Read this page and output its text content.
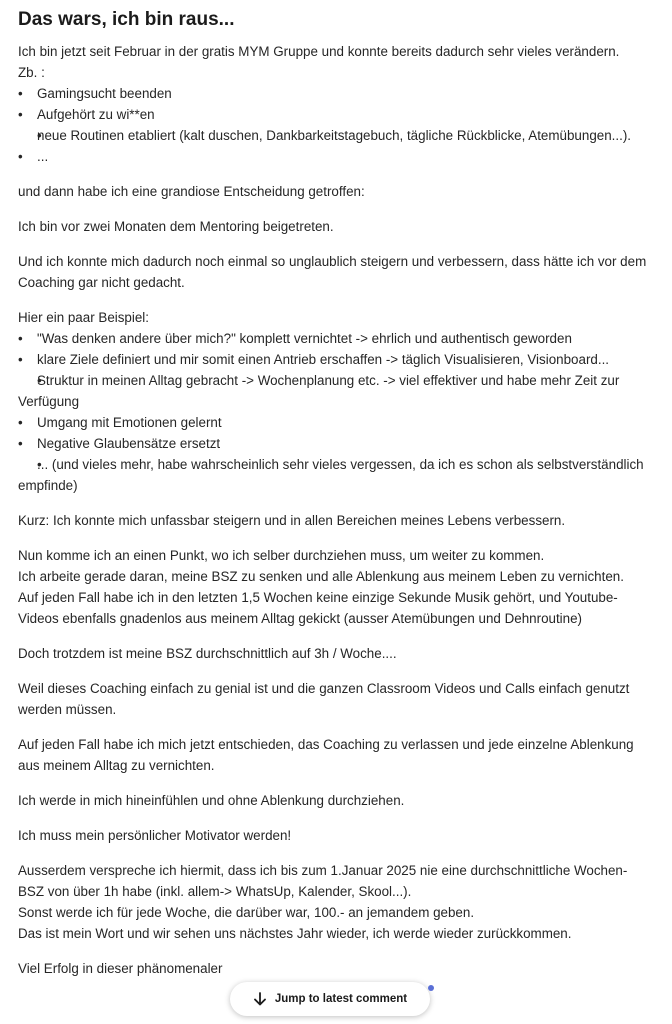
Das wars, ich bin raus...

Ich bin jetzt seit Februar in der gratis MYM Gruppe und konnte bereits dadurch sehr vieles verändern.
Zb. :

• Gamingsucht beenden
• Aufgehört zu wi**en
• neue Routinen etabliert (kalt duschen, Dankbarkeitstagebuch, tägliche Rückblicke, Atemübungen...).
• ...

und dann habe ich eine grandiose Entscheidung getroffen:

Ich bin vor zwei Monaten dem Mentoring beigetreten.

Und ich konnte mich dadurch noch einmal so unglaublich steigern und verbessern, dass hätte ich vor dem Coaching gar nicht gedacht.

Hier ein paar Beispiel:

• "Was denken andere über mich?" komplett vernichtet -> ehrlich und authentisch geworden
• klare Ziele definiert und mir somit einen Antrieb erschaffen -> täglich Visualisieren, Visionboard...
• Struktur in meinen Alltag gebracht -> Wochenplanung etc. -> viel effektiver und habe mehr Zeit zur Verfügung
• Umgang mit Emotionen gelernt
• Negative Glaubensätze ersetzt
• ... (und vieles mehr, habe wahrscheinlich sehr vieles vergessen, da ich es schon als selbstverständlich empfinde)

Kurz: Ich konnte mich unfassbar steigern und in allen Bereichen meines Lebens verbessern.

Nun komme ich an einen Punkt, wo ich selber durchziehen muss, um weiter zu kommen.
Ich arbeite gerade daran, meine BSZ zu senken und alle Ablenkung aus meinem Leben zu vernichten.
Auf jeden Fall habe ich in den letzten 1,5 Wochen keine einzige Sekunde Musik gehört, und Youtube-Videos ebenfalls gnadenlos aus meinem Alltag gekickt (ausser Atemübungen und Dehnroutine)

Doch trotzdem ist meine BSZ durchschnittlich auf 3h / Woche....

Weil dieses Coaching einfach zu genial ist und die ganzen Classroom Videos und Calls einfach genutzt werden müssen.

Auf jeden Fall habe ich mich jetzt entschieden, das Coaching zu verlassen und jede einzelne Ablenkung aus meinem Alltag zu vernichten.

Ich werde in mich hineinfühlen und ohne Ablenkung durchziehen.

Ich muss mein persönlicher Motivator werden!

Ausserdem verspreche ich hiermit, dass ich bis zum 1.Januar 2025 nie eine durchschnittliche Wochen- BSZ von über 1h habe (inkl. allem-> WhatsUp, Kalender, Skool...).
Sonst werde ich für jede Woche, die darüber war, 100.- an jemandem geben.
Das ist mein Wort und wir sehen uns nächstes Jahr wieder, ich werde wieder zurückkommen.

Viel Erfolg in dieser phänomenaler

Jump to latest comment
